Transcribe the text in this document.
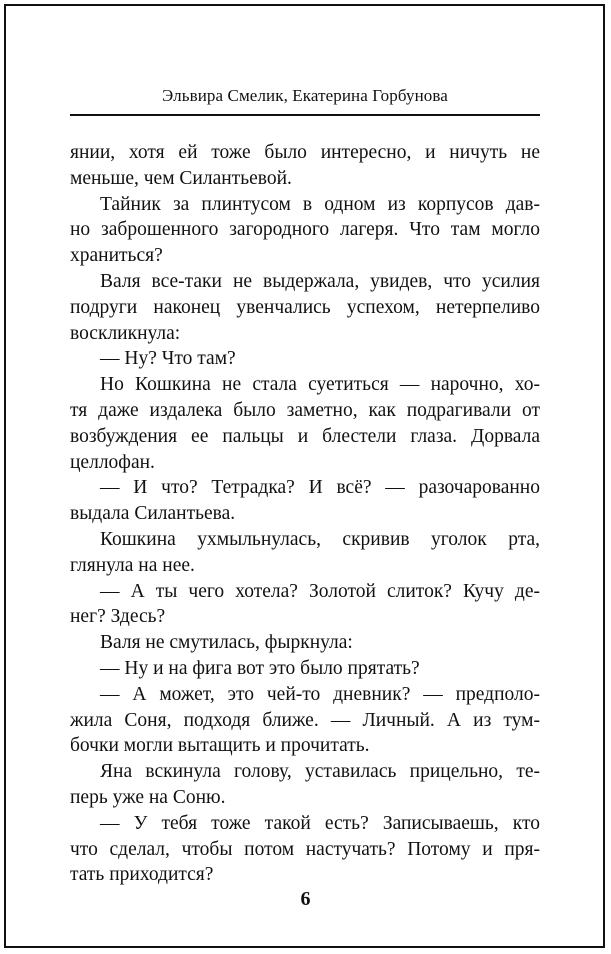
Эльвира Смелик, Екатерина Горбунова

янии, хотя ей тоже было интересно, и ничуть не

меньше, чем Силантьевой.

Тайник за плинтусом в одном из корпусов дав-

но заброшенного загородного лагеря. Что там могло

храниться?

Валя все-таки не выдержала, увидев, что усилия

подруги наконец увенчались успехом, нетерпеливо

воскликнула:

— Ну? Что там?

Но Кошкина не стала суетиться — нарочно, хо-

тя даже издалека было заметно, как подрагивали от

возбуждения ее пальцы и блестели глаза. Дорвала

целлофан.

— И что? Тетрадка? И всё? — разочарованно

выдала Силантьева.

Кошкина ухмыльнулась, скривив уголок рта,

глянула на нее.

— А ты чего хотела? Золотой слиток? Кучу де-

нег? Здесь?

Валя не смутилась, фыркнула:

— Ну и на фига вот это было прятать?

— А может, это чей-то дневник? — предполо-

жила Соня, подходя ближе. — Личный. А из тум-

бочки могли вытащить и прочитать.

Яна вскинула голову, уставилась прицельно, те-

перь уже на Соню.

— У тебя тоже такой есть? Записываешь, кто

что сделал, чтобы потом настучать? Потому и пря-

тать приходится?

6
